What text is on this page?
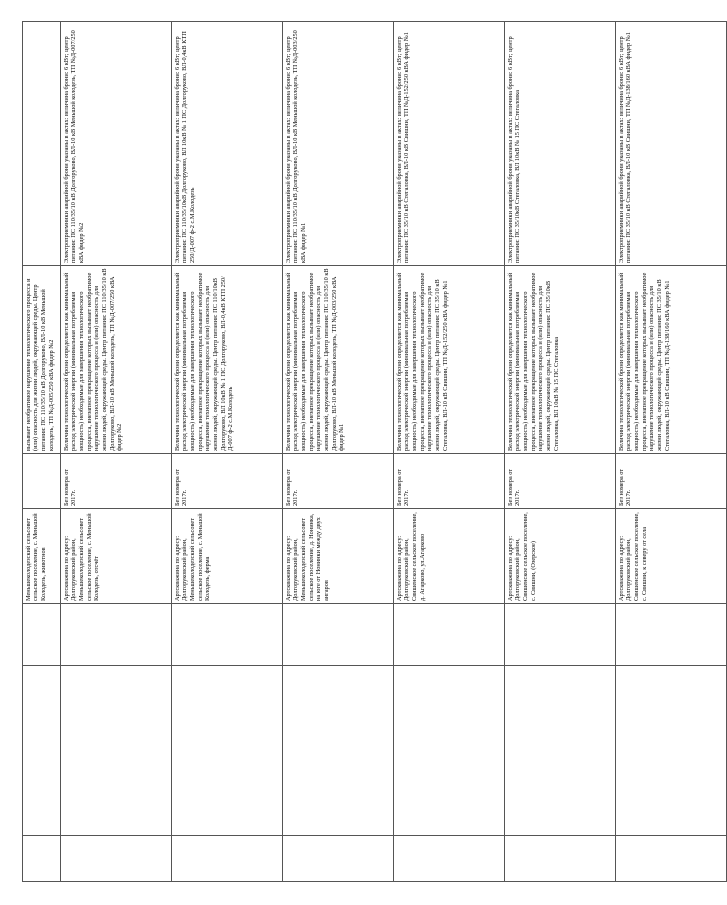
			Меньшеколодезский сельсовет сельское поселение, с. Меньшой Колодезь, животнов		вызывает необратимое нарушение технологического процесса и (или) опасность для жизни людей, окружающей среды. Центр питания: ПС 110/35/10 кВ Долгоруково, ВЛ-10 кВ Меньшой колодезь, ТП №Д-005/250 кВА фидер №2	
			Артскважина по адресу: Долгоруковский район, Меньшеколодезский сельсовет сельское поселение, с. Меньшой Колодезь, отсчёт	Без номера от 2017г.	Величина технологической брони определяется как минимальный расход электрической энергии (минимальная потребляемая мощность) необходимые для завершения технологического процесса, внезапное прекращение которых вызывает необратимое нарушение технологического процесса и (или) опасность для жизни людей, окружающей среды. Центр питания: ПС 110/35/10 кВ Долгоруково, ВЛ-10 кВ Меньшой колодезь, ТП №Д-007/250 кВА фидер №2	Электроприемники аварийной брони указаны в актах: величина брони: 6 кВт; центр питания: ПС 110/35/10 кВ Долгоруково, ВЛ-10 кВ Меньшой колодезь, ТП №Д-007/250 кВА фидер №2
			Артскважина по адресу: Долгоруковский район, Меньшеколодезский сельсовет сельское поселение, с. Меньшой Колодезь, ферма	Без номера от 2017г.	Величина технологической брони определяется как минимальный расход электрической энергии (минимальная потребляемая мощность) необходимые для завершения технологического процесса, внезапное прекращение которых вызывает необратимое нарушение технологического процесса и (или) опасность для жизни людей, окружающей среды. Центр питания: ПС 110/10кВ Долгоруково, ВЛ 10кВ № 1 ПС Долгоруково, ВЛ-0,4кВ КТП 250/Д-007 ф-2 с.М.Колодезь	Электроприемники аварийной брони указаны в актах: величина брони: 6 кВт; центр питания: ПС 110/35/10кВ Долгоруково, ВЛ 10кВ № 1 ПС Долгоруково, ВЛ-0,4кВ КТП 250/Д-007 ф-2 с.М.Колодезь
			Артскважина по адресу: Долгоруковский район, Меньшеколодезский сельсовет сельское поселение, д. Нонинка, на юге от Нонинки между двух ангаров	Без номера от 2017г.	Величина технологической брони определяется как минимальный расход электрической энергии (минимальная потребляемая мощность) необходимые для завершения технологического процесса, внезапное прекращение которых вызывает необратимое нарушение технологического процесса и (или) опасность для жизни людей, окружающей среды. Центр питания: ПС 110/35/10 кВ Долгоруково, ВЛ-10 кВ Меньшой колодезь, ТП №Д-003/250 кВА фидер №1	Электроприемники аварийной брони указаны в актах: величина брони: 6 кВт; центр питания: ПС 110/35/10 кВ Долгоруково, ВЛ-10 кВ Меньшой колодезь, ТП №Д-003/250 кВА фидер №1
			Артскважина по адресу: Долгоруковский район, Свишенское сельское поселение, д. Агарково, ул.Агарково	Без номера от 2017г.	Величина технологической брони определяется как минимальный расход электрической энергии (минимальная потребляемая мощность) необходимые для завершения технологического процесса, внезапное прекращение которых вызывает необратимое нарушение технологического процесса и (или) опасность для жизни людей, окружающей среды. Центр питания: ПС 35/10 кВ Стегаловка, ВЛ-10 кВ Свишни, ТП №Д-152/250 кВА фидер №1	Электроприемники аварийной брони указаны в актах: величина брони: 6 кВт; центр питания: ПС 35/10 кВ Стегаловка, ВЛ-10 кВ Свишни, ТП №Д-152/250 кВА фидер №1
			Артскважина по адресу: Долгоруковский район, Свишенское сельское поселение, с. Свишни, (Озерское)	Без номера от 2017г.	Величина технологической брони определяется как минимальный расход электрической энергии (минимальная потребляемая мощность) необходимые для завершения технологического процесса, внезапное прекращение которых вызывает необратимое нарушение технологического процесса и (или) опасность для жизни людей, окружающей среды. Центр питания: ПС 35/10кВ Стегаловка, ВЛ 10кВ № 15 ПС Стегаловка	Электроприемники аварийной брони указаны в актах: величина брони: 6 кВт; центр питания: ПС 35/10кВ Стегаловка, ВЛ 10кВ № 15 ПС Стегаловка
			Артскважина по адресу: Долгоруковский район, Свишенское сельское поселение, с. Свишни, к северу от села	Без номера от 2017г.	Величина технологической брони определяется как минимальный расход электрической энергии (минимальная потребляемая мощность) необходимые для завершения технологического процесса, внезапное прекращение которых вызывает необратимое нарушение технологического процесса и (или) опасность для жизни людей, окружающей среды. Центр питания: ПС 35/10 кВ Стегаловка, ВЛ-10 кВ Свишни, ТП №Д-138/160 кВА фидер №1	Электроприемники аварийной брони указаны в актах: величина брони: 6 кВт; центр питания: ПС 35/10 кВ Стегаловка, ВЛ-10 кВ Свишни, ТП №Д-138/160 кВА фидер №1
